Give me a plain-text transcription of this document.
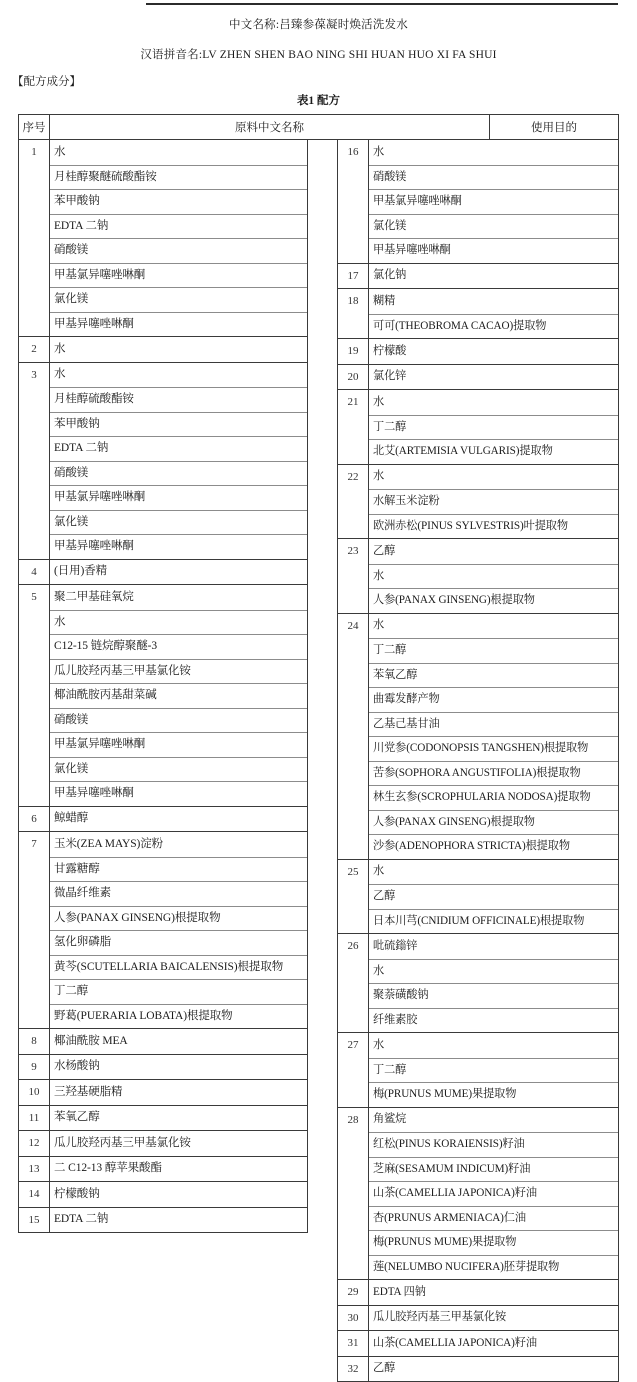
中文名称:吕臻参葆凝时焕活洗发水
汉语拼音名:LV ZHEN SHEN BAO NING SHI HUAN HUO XI FA SHUI
【配方成分】
表1 配方
序号	原料中文名称	使用目的
1	水
月桂醇聚醚硫酸酯铵
苯甲酸钠
EDTA 二钠
硝酸镁
甲基氯异噻唑啉酮
氯化镁
甲基异噻唑啉酮
2	水
3	水
月桂醇硫酸酯铵
苯甲酸钠
EDTA 二钠
硝酸镁
甲基氯异噻唑啉酮
氯化镁
甲基异噻唑啉酮
4	(日用)香精
5	聚二甲基硅氧烷
水
C12-15 链烷醇聚醚-3
瓜儿胶羟丙基三甲基氯化铵
椰油酰胺丙基甜菜碱
硝酸镁
甲基氯异噻唑啉酮
氯化镁
甲基异噻唑啉酮
6	鲸蜡醇
7	玉米(ZEA MAYS)淀粉
甘露糖醇
微晶纤维素
人参(PANAX GINSENG)根提取物
氢化卵磷脂
黄芩(SCUTELLARIA BAICALENSIS)根提取物
丁二醇
野葛(PUERARIA LOBATA)根提取物
8	椰油酰胺 MEA
9	水杨酸钠
10	三羟基硬脂精
11	苯氧乙醇
12	瓜儿胶羟丙基三甲基氯化铵
13	二 C12-13 醇苹果酸酯
14	柠檬酸钠
15	EDTA 二钠
16	水
硝酸镁
甲基氯异噻唑啉酮
氯化镁
甲基异噻唑啉酮
17	氯化钠
18	糊精
可可(THEOBROMA CACAO)提取物
19	柠檬酸
20	氯化锌
21	水
丁二醇
北艾(ARTEMISIA VULGARIS)提取物
22	水
水解玉米淀粉
欧洲赤松(PINUS SYLVESTRIS)叶提取物
23	乙醇
水
人参(PANAX GINSENG)根提取物
24	水
丁二醇
苯氧乙醇
曲霉发酵产物
乙基己基甘油
川党参(CODONOPSIS TANGSHEN)根提取物
苦参(SOPHORA ANGUSTIFOLIA)根提取物
林生玄参(SCROPHULARIA NODOSA)提取物
人参(PANAX GINSENG)根提取物
沙参(ADENOPHORA STRICTA)根提取物
25	水
乙醇
日本川芎(CNIDIUM OFFICINALE)根提取物
26	吡硫鎓锌
水
聚萘磺酸钠
纤维素胶
27	水
丁二醇
梅(PRUNUS MUME)果提取物
28	角鲨烷
红松(PINUS KORAIENSIS)籽油
芝麻(SESAMUM INDICUM)籽油
山茶(CAMELLIA JAPONICA)籽油
杏(PRUNUS ARMENIACA)仁油
梅(PRUNUS MUME)果提取物
莲(NELUMBO NUCIFERA)胚芽提取物
29	EDTA 四钠
30	瓜儿胶羟丙基三甲基氯化铵
31	山茶(CAMELLIA JAPONICA)籽油
32	乙醇
